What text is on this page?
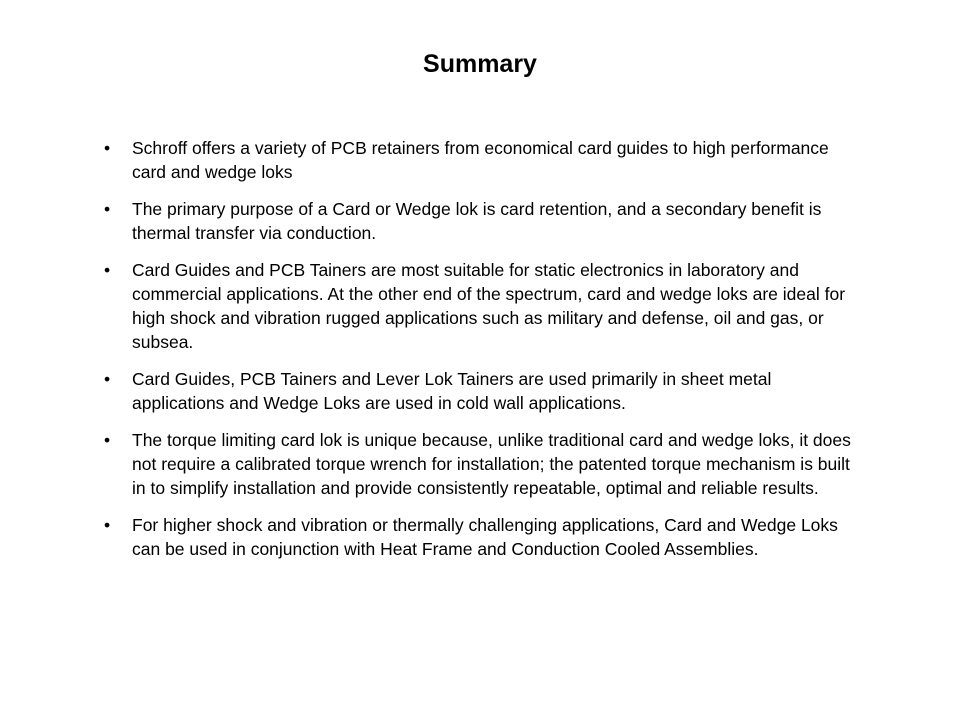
Summary
•	Schroff offers a variety of PCB retainers from economical card guides to high performance card and wedge loks
•	The primary purpose of a Card or Wedge lok is card retention, and a secondary benefit is thermal transfer via conduction.
•	Card Guides and PCB Tainers are most suitable for static electronics in laboratory and commercial applications. At the other end of the spectrum, card and wedge loks are ideal for high shock and vibration rugged applications such as military and defense, oil and gas, or subsea.
•	Card Guides, PCB Tainers and Lever Lok Tainers are used primarily in sheet metal applications and Wedge Loks are used in cold wall applications.
•	The torque limiting card lok is unique because, unlike traditional card and wedge loks, it does not require a calibrated torque wrench for installation; the patented torque mechanism is built in to simplify installation and provide consistently repeatable, optimal and reliable results.
•	For higher shock and vibration or thermally challenging applications, Card and Wedge Loks can be used in conjunction with Heat Frame and Conduction Cooled Assemblies.
